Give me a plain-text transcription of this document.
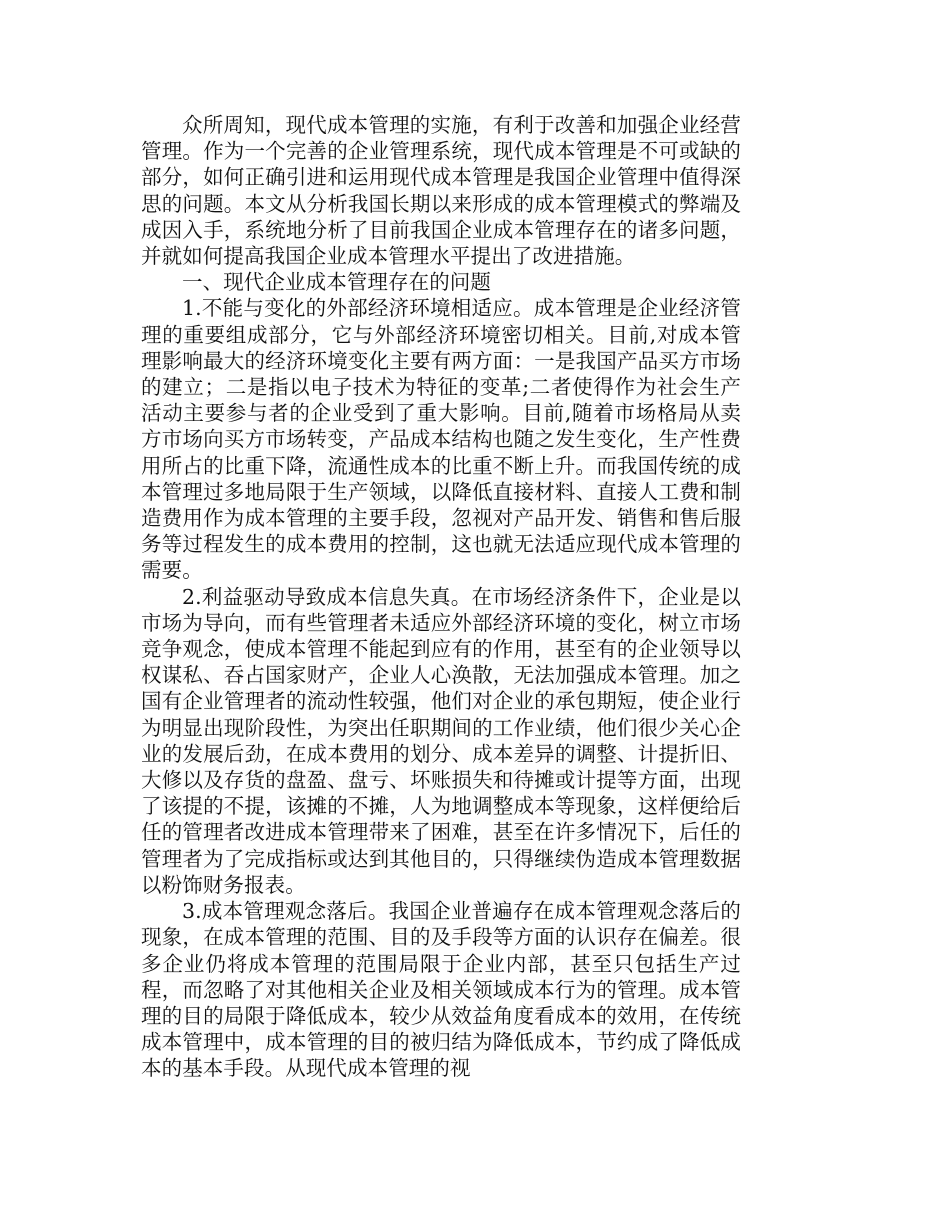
众所周知，现代成本管理的实施，有利于改善和加强企业经营管理。作为一个完善的企业管理系统，现代成本管理是不可或缺的部分，如何正确引进和运用现代成本管理是我国企业管理中值得深思的问题。本文从分析我国长期以来形成的成本管理模式的弊端及成因入手，系统地分析了目前我国企业成本管理存在的诸多问题，并就如何提高我国企业成本管理水平提出了改进措施。

一、现代企业成本管理存在的问题

1.不能与变化的外部经济环境相适应。成本管理是企业经济管理的重要组成部分，它与外部经济环境密切相关。目前,对成本管理影响最大的经济环境变化主要有两方面：一是我国产品买方市场的建立；二是指以电子技术为特征的变革;二者使得作为社会生产活动主要参与者的企业受到了重大影响。目前,随着市场格局从卖方市场向买方市场转变，产品成本结构也随之发生变化，生产性费用所占的比重下降，流通性成本的比重不断上升。而我国传统的成本管理过多地局限于生产领域，以降低直接材料、直接人工费和制造费用作为成本管理的主要手段，忽视对产品开发、销售和售后服务等过程发生的成本费用的控制，这也就无法适应现代成本管理的需要。

2.利益驱动导致成本信息失真。在市场经济条件下，企业是以市场为导向，而有些管理者未适应外部经济环境的变化，树立市场竞争观念，使成本管理不能起到应有的作用，甚至有的企业领导以权谋私、吞占国家财产，企业人心涣散，无法加强成本管理。加之国有企业管理者的流动性较强，他们对企业的承包期短，使企业行为明显出现阶段性，为突出任职期间的工作业绩，他们很少关心企业的发展后劲，在成本费用的划分、成本差异的调整、计提折旧、大修以及存货的盘盈、盘亏、坏账损失和待摊或计提等方面，出现了该提的不提，该摊的不摊，人为地调整成本等现象，这样便给后任的管理者改进成本管理带来了困难，甚至在许多情况下，后任的管理者为了完成指标或达到其他目的，只得继续伪造成本管理数据以粉饰财务报表。

3.成本管理观念落后。我国企业普遍存在成本管理观念落后的现象，在成本管理的范围、目的及手段等方面的认识存在偏差。很多企业仍将成本管理的范围局限于企业内部，甚至只包括生产过程，而忽略了对其他相关企业及相关领域成本行为的管理。成本管理的目的局限于降低成本，较少从效益角度看成本的效用，在传统成本管理中，成本管理的目的被归结为降低成本，节约成了降低成本的基本手段。从现代成本管理的视
